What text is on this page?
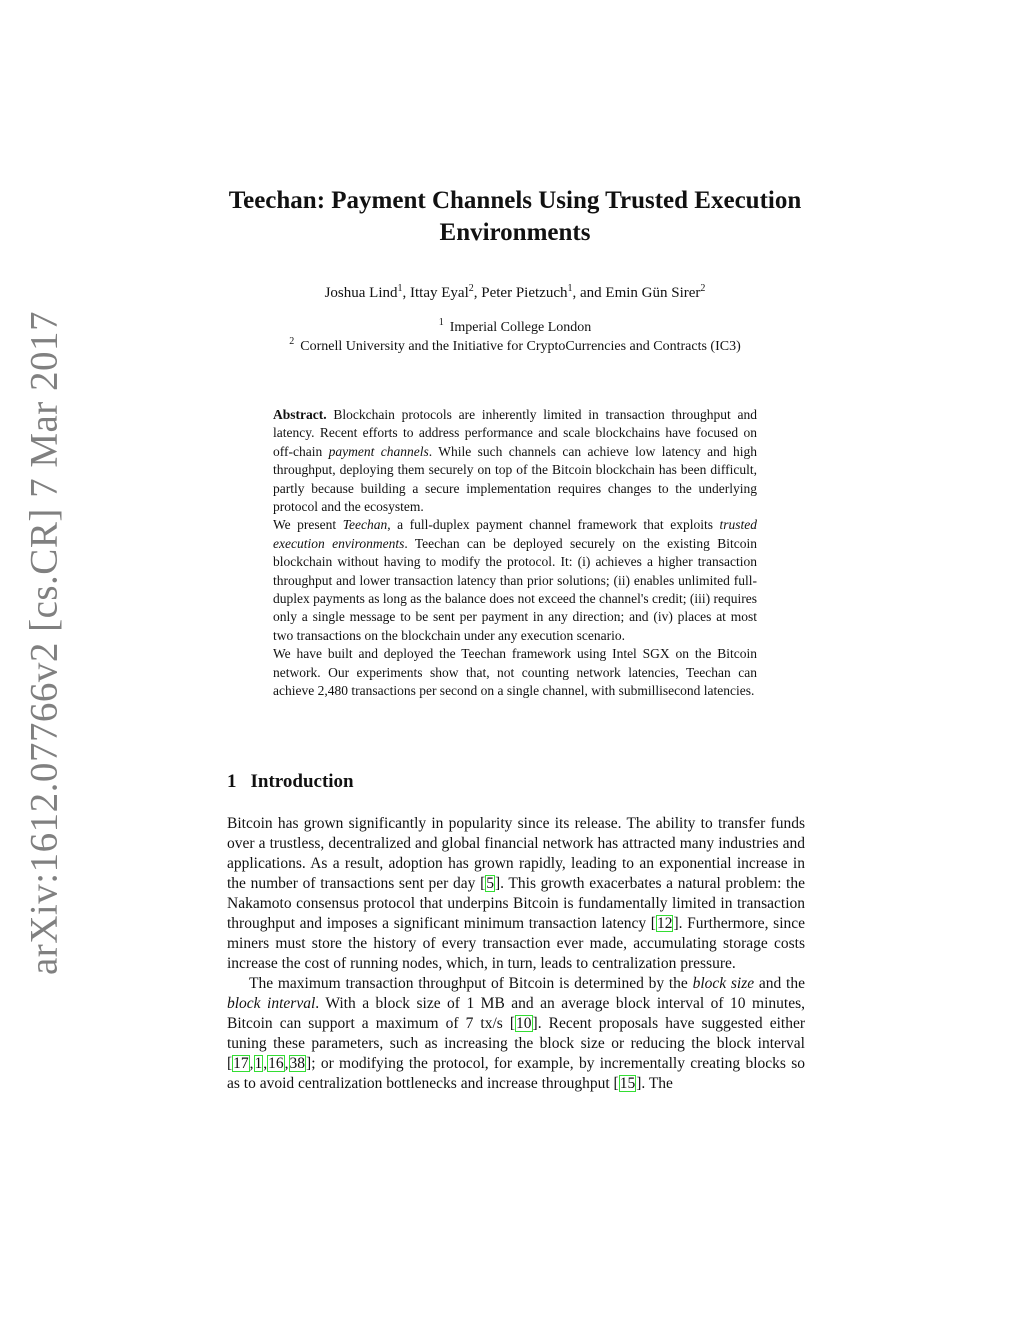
arXiv:1612.07766v2 [cs.CR] 7 Mar 2017
Teechan: Payment Channels Using Trusted Execution Environments
Joshua Lind$^1$, Ittay Eyal$^2$, Peter Pietzuch$^1$, and Emin Gün Sirer$^2$
$^1$ Imperial College London
$^2$ Cornell University and the Initiative for CryptoCurrencies and Contracts (IC3)

Abstract. Blockchain protocols are inherently limited in transaction throughput and latency. Recent efforts to address performance and scale blockchains have focused on off-chain payment channels. While such channels can achieve low latency and high throughput, deploying them securely on top of the Bitcoin blockchain has been difficult, partly because building a secure implementation requires changes to the underlying protocol and the ecosystem.

We present Teechan, a full-duplex payment channel framework that exploits trusted execution environments. Teechan can be deployed securely on the existing Bitcoin blockchain without having to modify the protocol. It: (i) achieves a higher transaction throughput and lower transaction latency than prior solutions; (ii) enables unlimited full-duplex payments as long as the balance does not exceed the channel's credit; (iii) requires only a single message to be sent per payment in any direction; and (iv) places at most two transactions on the blockchain under any execution scenario.

We have built and deployed the Teechan framework using Intel SGX on the Bitcoin network. Our experiments show that, not counting network latencies, Teechan can achieve 2,480 transactions per second on a single channel, with submillisecond latencies.

1 Introduction

Bitcoin has grown significantly in popularity since its release. The ability to transfer funds over a trustless, decentralized and global financial network has attracted many industries and applications. As a result, adoption has grown rapidly, leading to an exponential increase in the number of transactions sent per day [5]. This growth exacerbates a natural problem: the Nakamoto consensus protocol that underpins Bitcoin is fundamentally limited in transaction throughput and imposes a significant minimum transaction latency [12]. Furthermore, since miners must store the history of every transaction ever made, accumulating storage costs increase the cost of running nodes, which, in turn, leads to centralization pressure.

The maximum transaction throughput of Bitcoin is determined by the block size and the block interval. With a block size of 1 MB and an average block interval of 10 minutes, Bitcoin can support a maximum of 7 tx/s [10]. Recent proposals have suggested either tuning these parameters, such as increasing the block size or reducing the block interval [17,1,16,38]; or modifying the protocol, for example, by incrementally creating blocks so as to avoid centralization bottlenecks and increase throughput [15]. The
